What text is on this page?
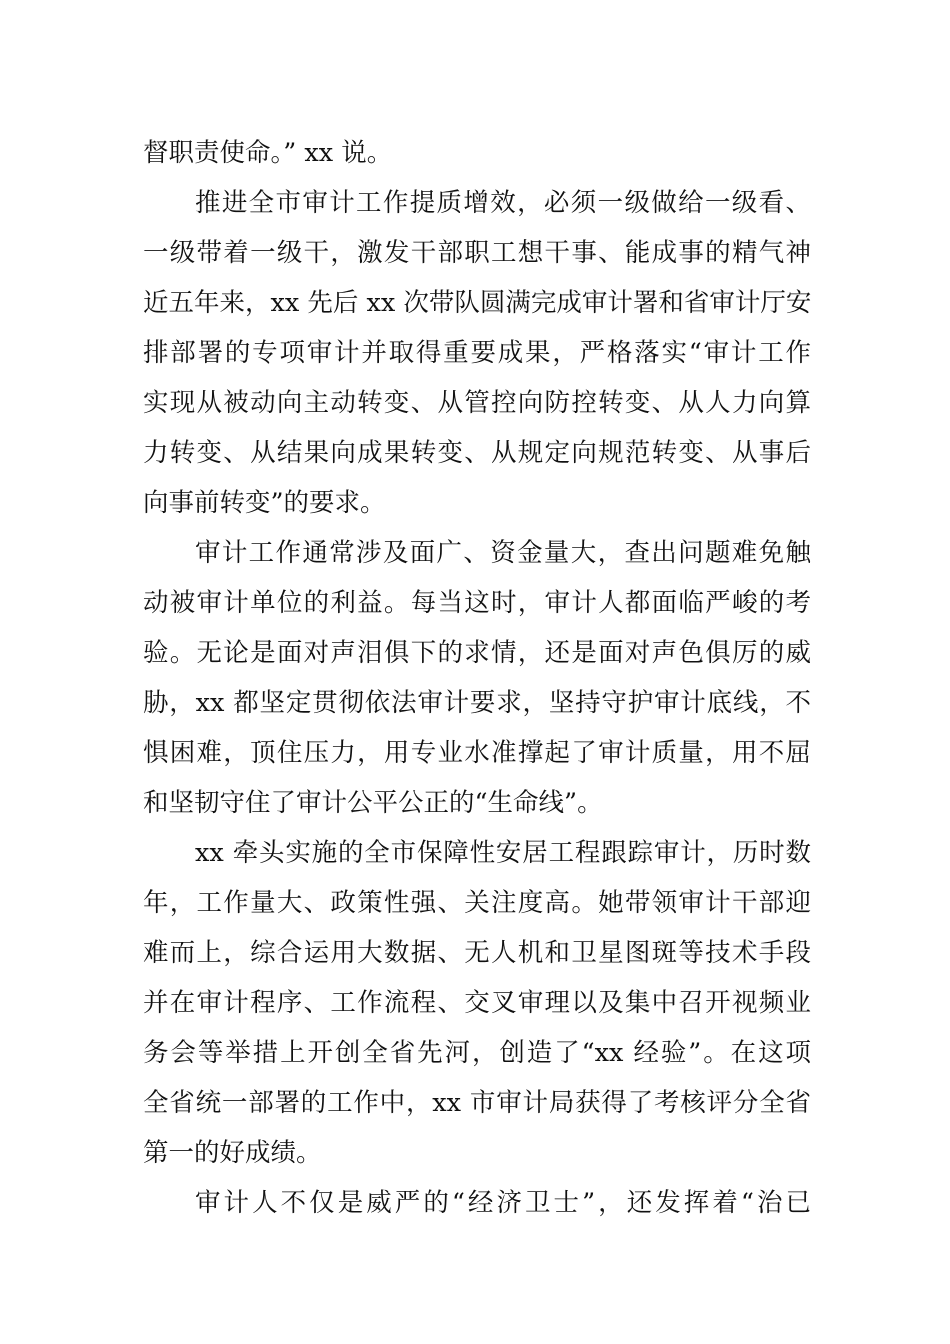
督职责使命。” xx 说。
推进全市审计工作提质增效，必须一级做给一级看、
一级带着一级干，激发干部职工想干事、能成事的精气神
近五年来，xx 先后 xx 次带队圆满完成审计署和省审计厅安
排部署的专项审计并取得重要成果，严格落实“审计工作
实现从被动向主动转变、从管控向防控转变、从人力向算
力转变、从结果向成果转变、从规定向规范转变、从事后
向事前转变”的要求。
审计工作通常涉及面广、资金量大，查出问题难免触
动被审计单位的利益。每当这时，审计人都面临严峻的考
验。无论是面对声泪俱下的求情，还是面对声色俱厉的威
胁，xx 都坚定贯彻依法审计要求，坚持守护审计底线，不
惧困难，顶住压力，用专业水准撑起了审计质量，用不屈
和坚韧守住了审计公平公正的“生命线”。
xx 牵头实施的全市保障性安居工程跟踪审计，历时数
年，工作量大、政策性强、关注度高。她带领审计干部迎
难而上，综合运用大数据、无人机和卫星图斑等技术手段
并在审计程序、工作流程、交叉审理以及集中召开视频业
务会等举措上开创全省先河，创造了“xx 经验”。在这项
全省统一部署的工作中，xx 市审计局获得了考核评分全省
第一的好成绩。
审计人不仅是威严的“经济卫士”，还发挥着“治已
